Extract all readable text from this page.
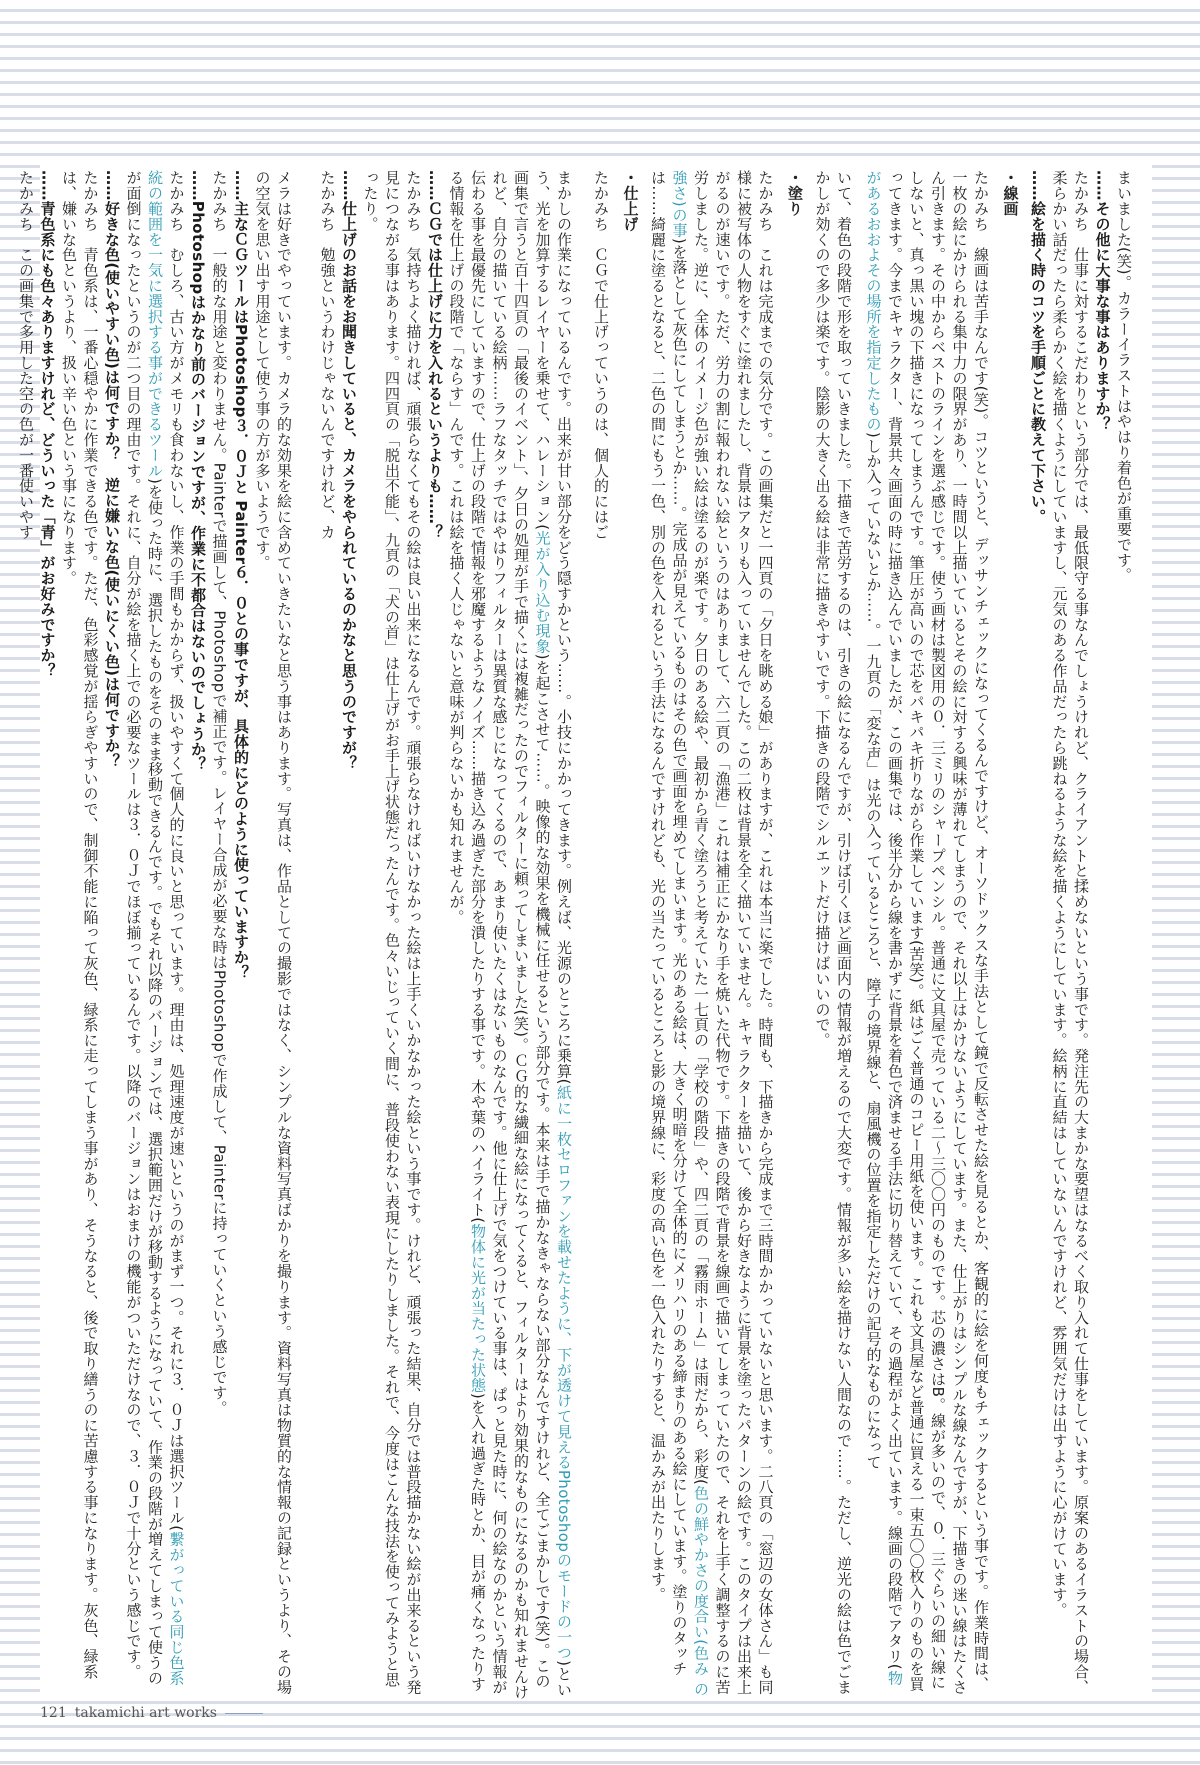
まいました(笑)。カラーイラストはやはり着色が重要です。

……その他に大事な事はありますか？

たかみち　仕事に対するこだわりという部分では、最低限守る事なんでしょうけれど、クライアントと揉めないという事です。発注先の大まかな要望はなるべく取り入れて仕事をしています。原案のあるイラストの場合、柔らかい話だったら柔らかく絵を描くようにしていますし、元気のある作品だったら跳ねるような絵を描くようにしています。絵柄に直結はしていないんですけれど、雰囲気だけは出すように心がけています。

……絵を描く時のコツを手順ごとに教えて下さい。

・線画

たかみち　線画は苦手なんです(笑)。コツというと、デッサンチェックになってくるんですけど、オーソドックスな手法として鏡で反転させた絵を見るとか、客観的に絵を何度もチェックするという事です。作業時間は、一枚の絵にかけられる集中力の限界があり、一時間以上描いているとその絵に対する興味が薄れてしまうので、それ以上はかけないようにしています。また、仕上がりはシンプルな線なんですが、下描きの迷い線はたくさん引きます。その中からベストのラインを選ぶ感じです。使う画材は製図用の０．三ミリのシャープペンシル。普通に文具屋で売っている二〜三〇〇円のものです。芯の濃さはB。線が多いので、０．三ぐらいの細い線にしないと、真っ黒い塊の下描きになってしまうんです。筆圧が高いので芯をパキパキ折りながら作業しています(苦笑)。紙はごく普通のコピー用紙を使います。これも文具屋など普通に買える一束五〇〇枚入りのものを買ってきます。今までキャラクター、背景共々画面の時に描き込んでいましたが、この画集では、後半分から線を書かずに背景を着色で済ませる手法に切り替えていて、その過程がよく出ています。線画の段階でアタリ(物があるおおよその場所を指定したもの)しか入っていないとか……。一九頁の「変な声」は光の入っているところと、障子の境界線と、扇風機の位置を指定しただけの記号的なものになって

いて、着色の段階で形を取っていきました。下描きで苦労するのは、引きの絵になるんですが、引けば引くほど画面内の情報が増えるので大変です。情報が多い絵を描けない人間なので……。ただし、逆光の絵は色でごまかしが効くので多少は楽です。陰影の大きく出る絵は非常に描きやすいです。下描きの段階でシルエットだけ描けばいいので。

・塗り

たかみち　これは完成までの気分です。この画集だと一四頁の「夕日を眺める娘」がありますが、これは本当に楽でした。時間も、下描きから完成まで三時間かかっていないと思います。二八頁の「窓辺の女体さん」も同様に被写体の人物をすぐに塗れましたし、背景はアタリも入っていませんでした。この二枚は背景を全く描いていません。キャラクターを描いて、後から好きなように背景を塗ったパターンの絵です。このタイプは出来上がるのが速いです。ただ、労力の割に報われない絵というのはありまして、六二頁の「漁港」これは補正にかなり手を焼いた代物です。下描きの段階で背景を線画で描いてしまっていたので、それを上手く調整するのに苦労しました。逆に、全体のイメージ色が強い絵は塗るのが楽です。夕日のある絵や、最初から青く塗ろうと考えていた一七頁の「学校の階段」や、四二頁の「霧雨ホーム」は雨だから、彩度(色の鮮やかさの度合い(色み の強さ)の事)を落として灰色にしてしまうとか……。完成品が見えているものはその色で画面を埋めてしまいます。光のある絵は、大きく明暗を分けて全体的にメリハリのある締まりのある絵にしています。塗りのタッチは……綺麗に塗るとなると、二色の間にもう一色、別の色を入れるという手法になるんですけれども、光の当たっているところと影の境界線に、彩度の高い色を一色入れたりすると、温かみが出たりします。

・仕上げ

たかみち　ＣＧで仕上げっていうのは、個人的にはご

まかしの作業になっているんです。出来が甘い部分をどう隠すかという……。小技にかかってきます。例えば、光源のところに乗算(紙に一枚セロファンを載せたように、下が透けて見えるPhotoshopのモードの一つ)という、光を加算するレイヤーを乗せて、ハレーション(光が入り込む現象)を起こさせて……。映像的な効果を機械に任せるという部分です。本来は手で描かなきゃならない部分なんですけれど、全てごまかしです(笑)。この画集で言うと百十四頁の「最後のイベント」、夕日の処理が手で描くには複雑だったのでフィルターに頼ってしまいました(笑)。ＣＧ的な繊細な絵になってくると、フィルターはより効果的なものになるのかも知れませんけれど、自分の描いている絵柄……ラフなタッチではやはりフィルターは異質な感じになってくるので、あまり使いたくはないものなんです。他に仕上げで気をつけている事は、ぱっと見た時に、何の絵なのかという情報が伝わる事を最優先にしていますので、仕上げの段階で情報を邪魔するようなノイズ……描き込み過ぎた部分を潰したりする事です。木や葉のハイライト(物体に光が当たった状態)を入れ過ぎた時とか、目が痛くなったりする情報を仕上げの段階で「ならす」んです。これは絵を描く人じゃないと意味が判らないかも知れませんが。

……ＣＧでは仕上げに力を入れるというよりも……？

たかみち　気持ちよく描ければ、頑張らなくてもその絵は良い出来になるんです。頑張らなければいけなかった絵は上手くいかなかった絵という事です。けれど、頑張った結果、自分では普段描かない絵が出来るという発見につながる事はあります。四四頁の「脱出不能」、九頁の「犬の首」は仕上げがお手上げ状態だったんです。色々いじっていく間に、普段使わない表現にしたりしました。それで、今度はこんな技法を使ってみようと思ったり。

……仕上げのお話をお聞きしていると、カメラをやられているのかなと思うのですが？

たかみち　勉強というわけじゃないんですけれど、カ

メラは好きでやっています。カメラ的な効果を絵に含めていきたいなと思う事はあります。写真は、作品としての撮影ではなく、シンプルな資料写真ばかりを撮ります。資料写真は物質的な情報の記録というより、その場の空気を思い出す用途として使う事の方が多いようです。

……主なＣＧツールはPhotoshop３．０Ｊと Painter６．０との事ですが、具体的にどのように使っていますか？

たかみち　一般的な用途と変わりません。Painterで描画して、Photoshopで補正です。レイヤー合成が必要な時はPhotoshopで作成して、Painterに持っていくという感じです。

……Photoshopはかなり前のバージョンですが、作業に不都合はないのでしょうか？

たかみち　むしろ、古い方がメモリも食わないし、作業の手間もかからず、扱いやすくて個人的に良いと思っています。理由は、処理速度が速いというのがまず一つ。それに３．０Ｊは選択ツール(繋がっている同じ色系統の範囲を一気に選択する事ができるツール)を使った時に、選択したものをそのまま移動できるんです。でもそれ以降のバージョンでは、選択範囲だけが移動するようになっていて、作業の段階が増えてしまって使うのが面倒になったというのが二つ目の理由です。それに、自分が絵を描く上での必要なツールは３．０Ｊでほぼ揃っているんです。以降のバージョンはおまけの機能がついただけなので、３．０Ｊで十分という感じです。

……好きな色(使いやすい色)は何ですか？　逆に嫌いな色(使いにくい色)は何ですか？

たかみち　青色系は、一番心穏やかに作業できる色です。ただ、色彩感覚が揺らぎやすいので、制御不能に陥って灰色、緑系に走ってしまう事があり、そうなると、後で取り繕うのに苦慮する事になります。灰色、緑系は、嫌いな色というより、扱い辛い色という事になります。

……青色系にも色々ありますけれど、どういった「青」がお好みですか？

たかみち　この画集で多用した空の色が一番使いやす

121 takamichi art works
